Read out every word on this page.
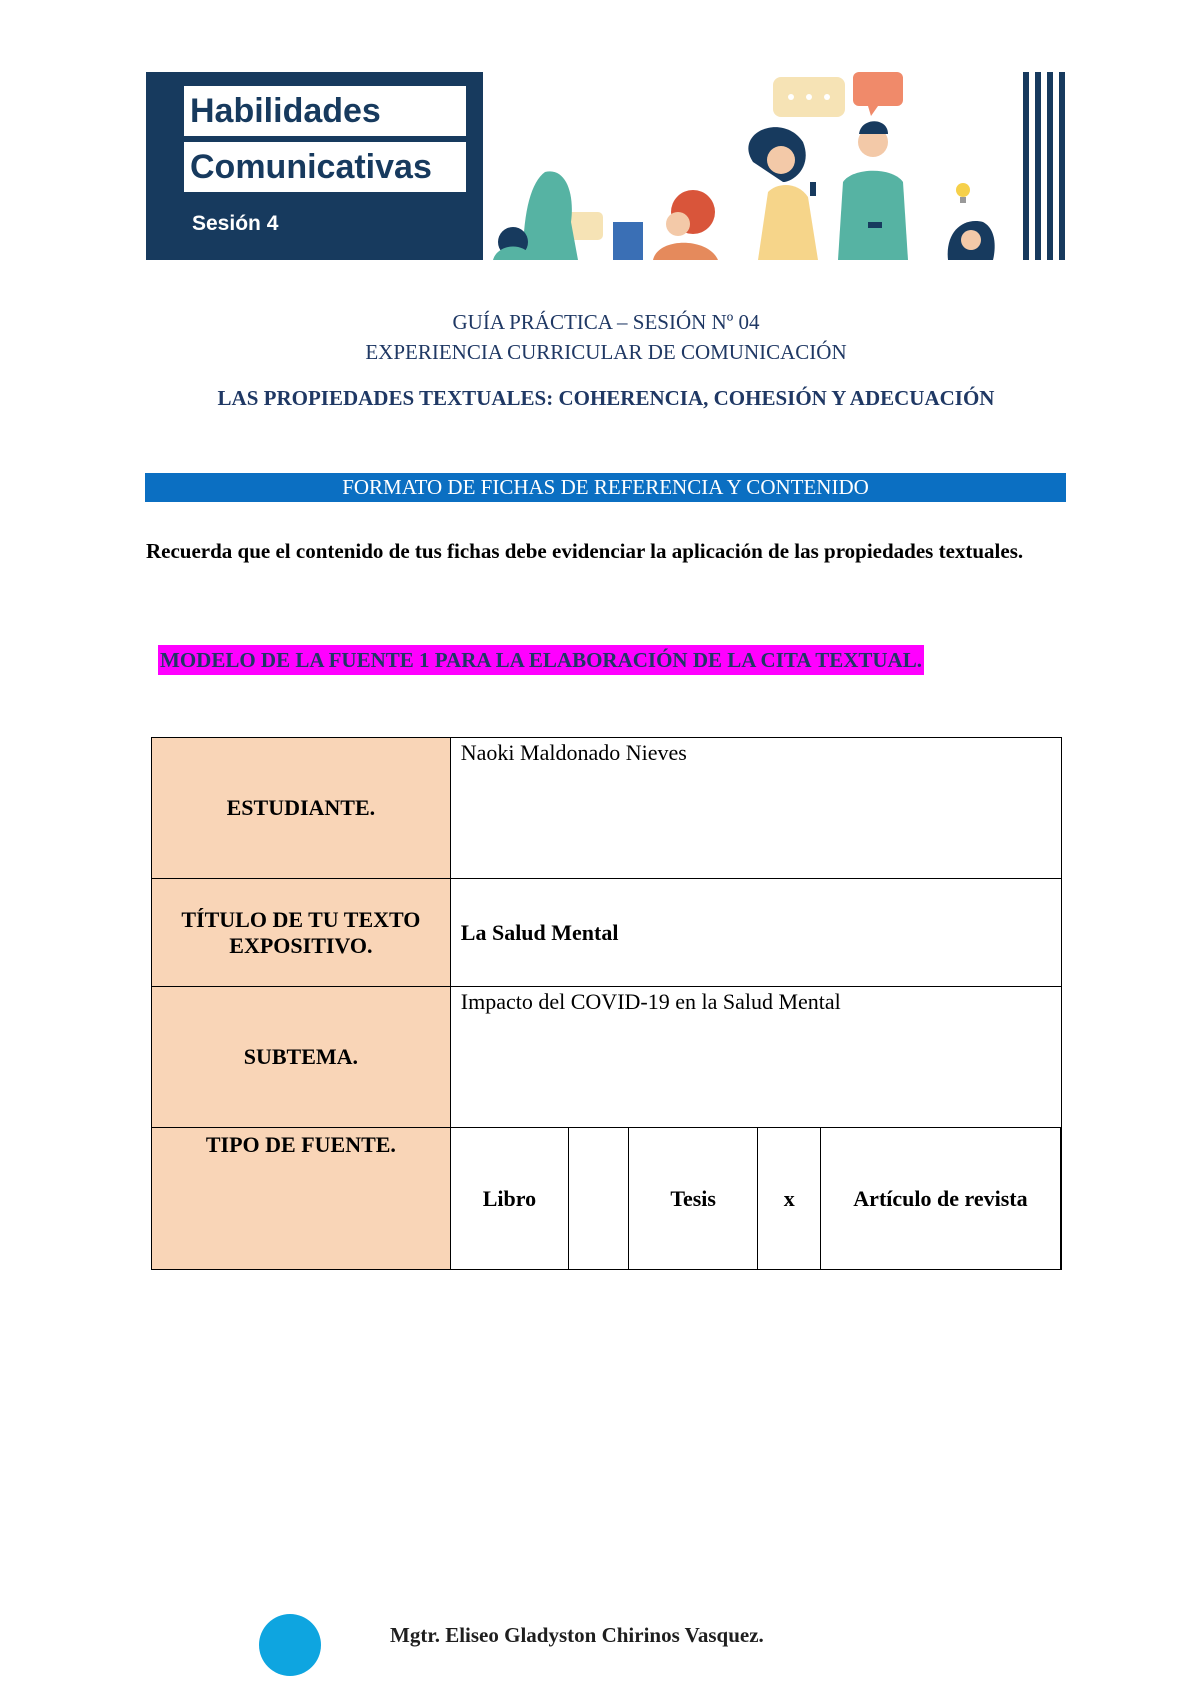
Habilidades
Comunicativas
Sesión 4
GUÍA PRÁCTICA – SESIÓN Nº 04
EXPERIENCIA CURRICULAR DE COMUNICACIÓN
LAS PROPIEDADES TEXTUALES: COHERENCIA, COHESIÓN Y ADECUACIÓN
FORMATO DE FICHAS DE REFERENCIA Y CONTENIDO
Recuerda que el contenido de tus fichas debe evidenciar la aplicación de las propiedades textuales.
MODELO DE LA FUENTE 1 PARA LA ELABORACIÓN DE LA CITA TEXTUAL.
ESTUDIANTE.	Naoki Maldonado Nieves					
TÍTULO DE TU TEXTO EXPOSITIVO.	La Salud Mental					
SUBTEMA.	Impacto del COVID-19 en la Salud Mental					
TIPO DE FUENTE.	Libro		Tesis	x	Artículo de revista	
Mgtr. Eliseo Gladyston Chirinos Vasquez.
